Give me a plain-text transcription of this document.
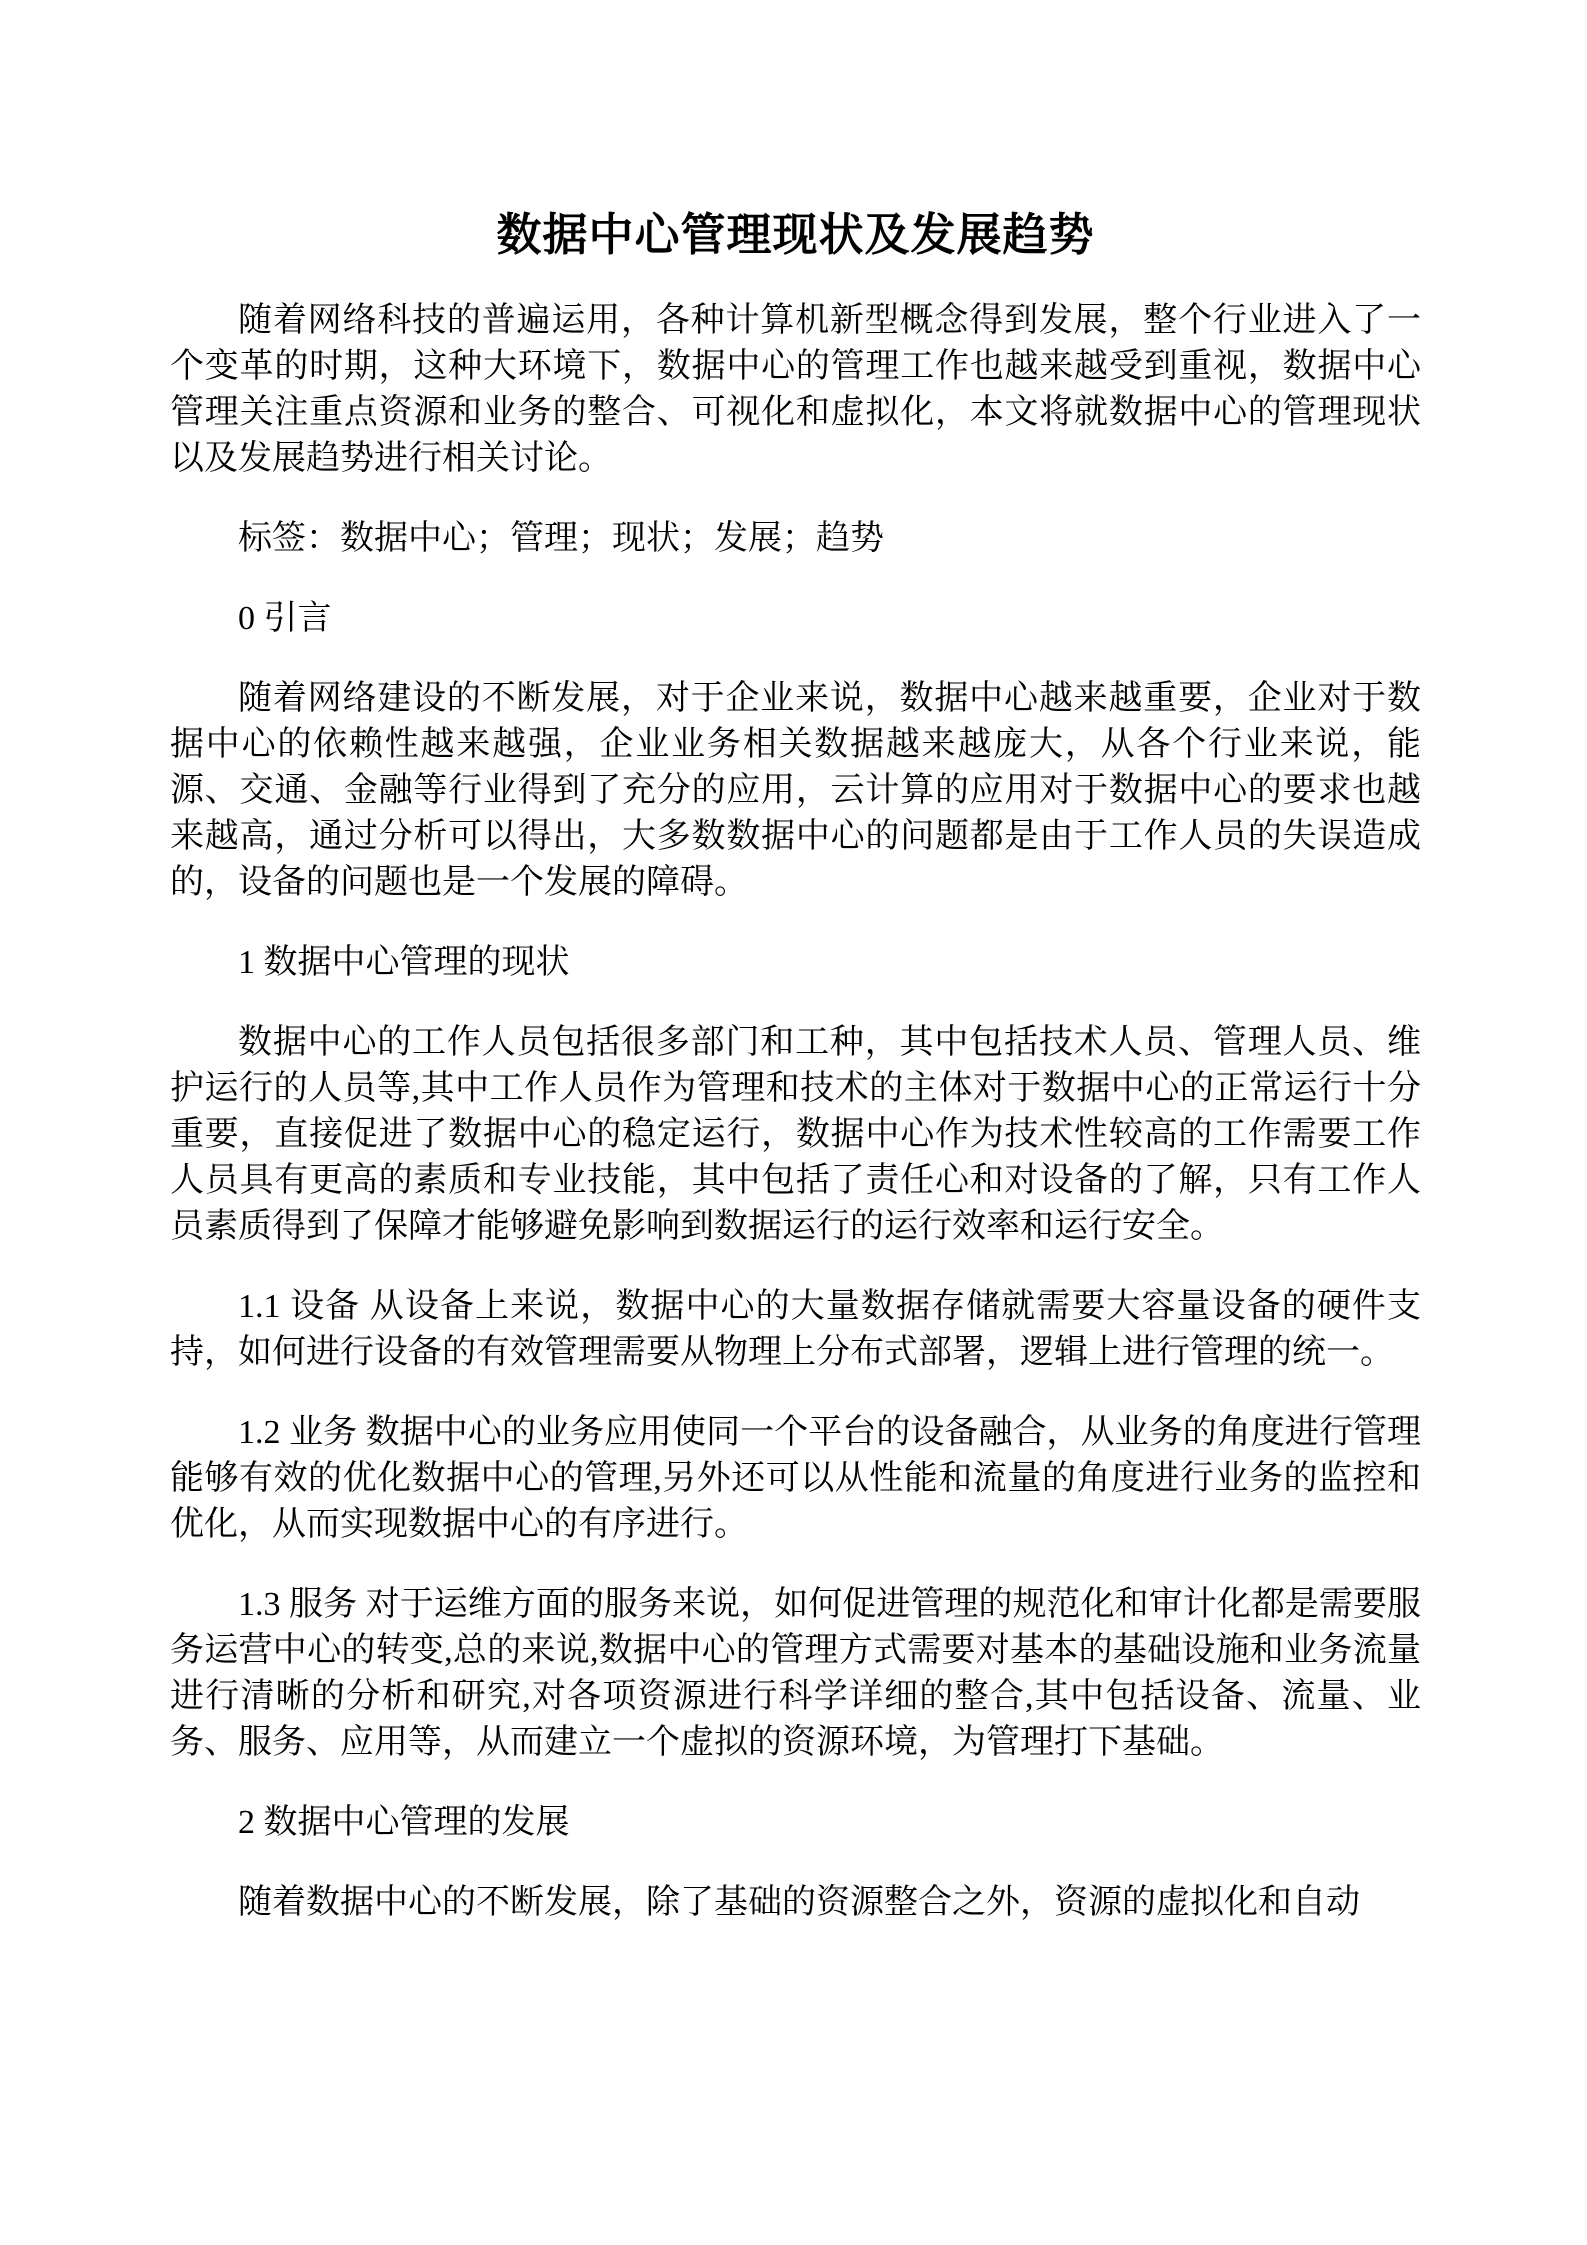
数据中心管理现状及发展趋势

随着网络科技的普遍运用，各种计算机新型概念得到发展，整个行业进入了一个变革的时期，这种大环境下，数据中心的管理工作也越来越受到重视，数据中心管理关注重点资源和业务的整合、可视化和虚拟化，本文将就数据中心的管理现状以及发展趋势进行相关讨论。

标签：数据中心；管理；现状；发展；趋势

0 引言

随着网络建设的不断发展，对于企业来说，数据中心越来越重要，企业对于数据中心的依赖性越来越强，企业业务相关数据越来越庞大，从各个行业来说，能源、交通、金融等行业得到了充分的应用，云计算的应用对于数据中心的要求也越来越高，通过分析可以得出，大多数数据中心的问题都是由于工作人员的失误造成的，设备的问题也是一个发展的障碍。

1 数据中心管理的现状

数据中心的工作人员包括很多部门和工种，其中包括技术人员、管理人员、维护运行的人员等,其中工作人员作为管理和技术的主体对于数据中心的正常运行十分重要，直接促进了数据中心的稳定运行，数据中心作为技术性较高的工作需要工作人员具有更高的素质和专业技能，其中包括了责任心和对设备的了解，只有工作人员素质得到了保障才能够避免影响到数据运行的运行效率和运行安全。

1.1 设备 从设备上来说，数据中心的大量数据存储就需要大容量设备的硬件支持，如何进行设备的有效管理需要从物理上分布式部署，逻辑上进行管理的统一。

1.2 业务 数据中心的业务应用使同一个平台的设备融合，从业务的角度进行管理能够有效的优化数据中心的管理,另外还可以从性能和流量的角度进行业务的监控和优化，从而实现数据中心的有序进行。

1.3 服务 对于运维方面的服务来说，如何促进管理的规范化和审计化都是需要服务运营中心的转变,总的来说,数据中心的管理方式需要对基本的基础设施和业务流量进行清晰的分析和研究,对各项资源进行科学详细的整合,其中包括设备、流量、业务、服务、应用等，从而建立一个虚拟的资源环境，为管理打下基础。

2 数据中心管理的发展

随着数据中心的不断发展，除了基础的资源整合之外，资源的虚拟化和自动
